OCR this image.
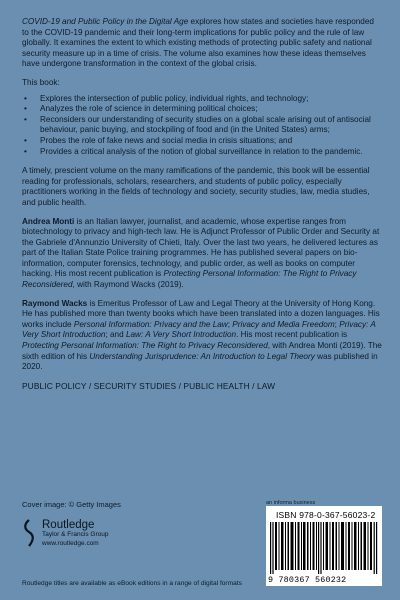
COVID-19 and Public Policy in the Digital Age explores how states and societies have responded to the COVID-19 pandemic and their long-term implications for public policy and the rule of law globally. It examines the extent to which existing methods of protecting public safety and national security measure up in a time of crisis. The volume also examines how these ideas themselves have undergone transformation in the context of the global crisis.

This book:

• Explores the intersection of public policy, individual rights, and technology;
• Analyzes the role of science in determining political choices;
• Reconsiders our understanding of security studies on a global scale arising out of antisocial behaviour, panic buying, and stockpiling of food and (in the United States) arms;
• Probes the role of fake news and social media in crisis situations; and
• Provides a critical analysis of the notion of global surveillance in relation to the pandemic.

A timely, prescient volume on the many ramifications of the pandemic, this book will be essential reading for professionals, scholars, researchers, and students of public policy, especially practitioners working in the fields of technology and society, security studies, law, media studies, and public health.

Andrea Monti is an Italian lawyer, journalist, and academic, whose expertise ranges from biotechnology to privacy and high-tech law. He is Adjunct Professor of Public Order and Security at the Gabriele d'Annunzio University of Chieti, Italy. Over the last two years, he delivered lectures as part of the Italian State Police training programmes. He has published several papers on bio-information, computer forensics, technology, and public order, as well as books on computer hacking. His most recent publication is Protecting Personal Information: The Right to Privacy Reconsidered, with Raymond Wacks (2019).

Raymond Wacks is Emeritus Professor of Law and Legal Theory at the University of Hong Kong. He has published more than twenty books which have been translated into a dozen languages. His works include Personal Information: Privacy and the Law; Privacy and Media Freedom; Privacy: A Very Short Introduction; and Law: A Very Short Introduction. His most recent publication is Protecting Personal Information: The Right to Privacy Reconsidered, with Andrea Monti (2019). The sixth edition of his Understanding Jurisprudence: An Introduction to Legal Theory was published in 2020.

PUBLIC POLICY / SECURITY STUDIES / PUBLIC HEALTH / LAW

Cover image: © Getty Images
Routledge
Taylor & Francis Group
www.routledge.com
Routledge titles are available as eBook editions in a range of digital formats
an informa business
ISBN 978-0-367-56023-2
9 780367 560232
